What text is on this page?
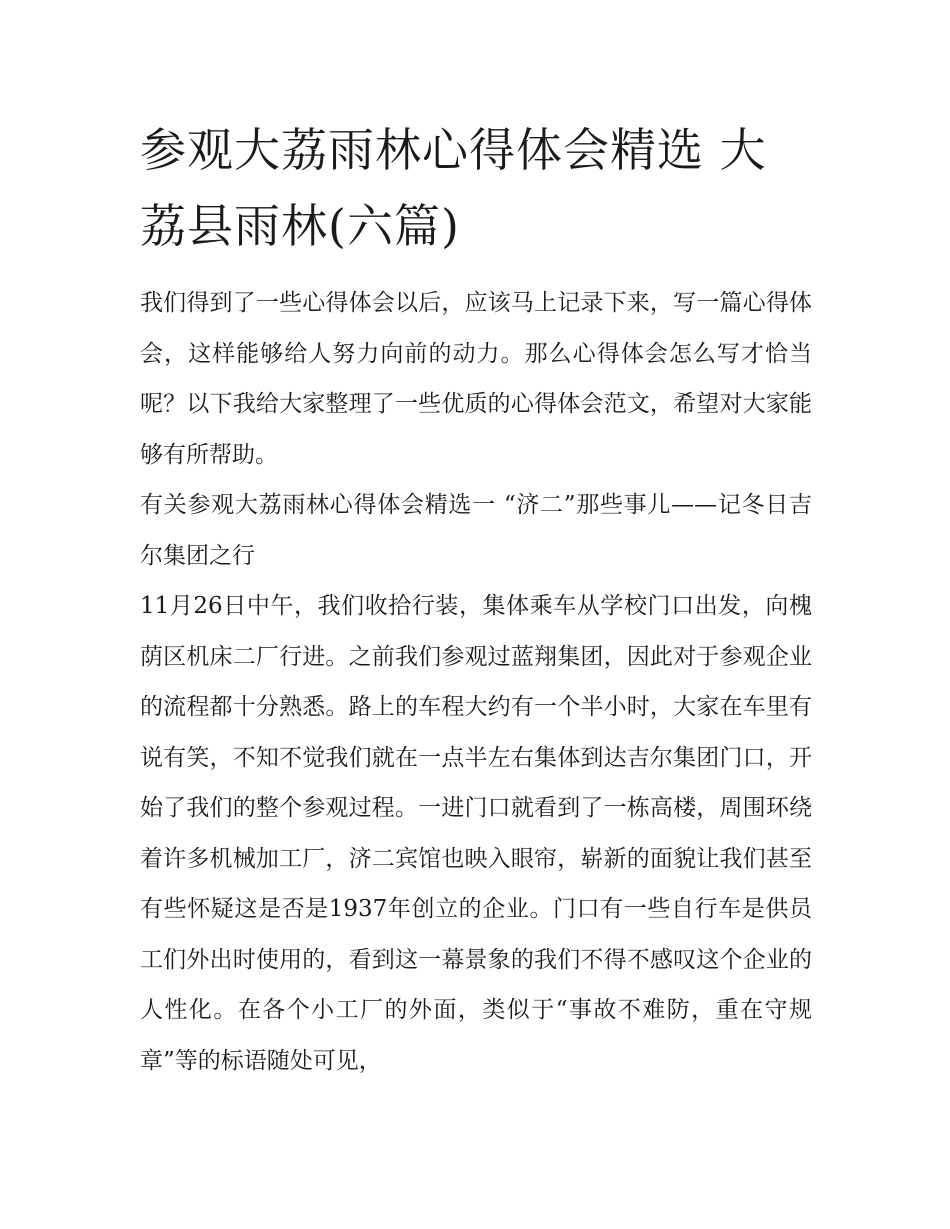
参观大荔雨林心得体会精选 大荔县雨林(六篇)

我们得到了一些心得体会以后，应该马上记录下来，写一篇心得体会，这样能够给人努力向前的动力。那么心得体会怎么写才恰当呢？以下我给大家整理了一些优质的心得体会范文，希望对大家能够有所帮助。

有关参观大荔雨林心得体会精选一 “济二”那些事儿——记冬日吉尔集团之行

11月26日中午，我们收拾行装，集体乘车从学校门口出发，向槐荫区机床二厂行进。之前我们参观过蓝翔集团，因此对于参观企业的流程都十分熟悉。路上的车程大约有一个半小时，大家在车里有说有笑，不知不觉我们就在一点半左右集体到达吉尔集团门口，开始了我们的整个参观过程。一进门口就看到了一栋高楼，周围环绕着许多机械加工厂，济二宾馆也映入眼帘，崭新的面貌让我们甚至有些怀疑这是否是1937年创立的企业。门口有一些自行车是供员工们外出时使用的，看到这一幕景象的我们不得不感叹这个企业的人性化。在各个小工厂的外面，类似于“事故不难防，重在守规章”等的标语随处可见，
